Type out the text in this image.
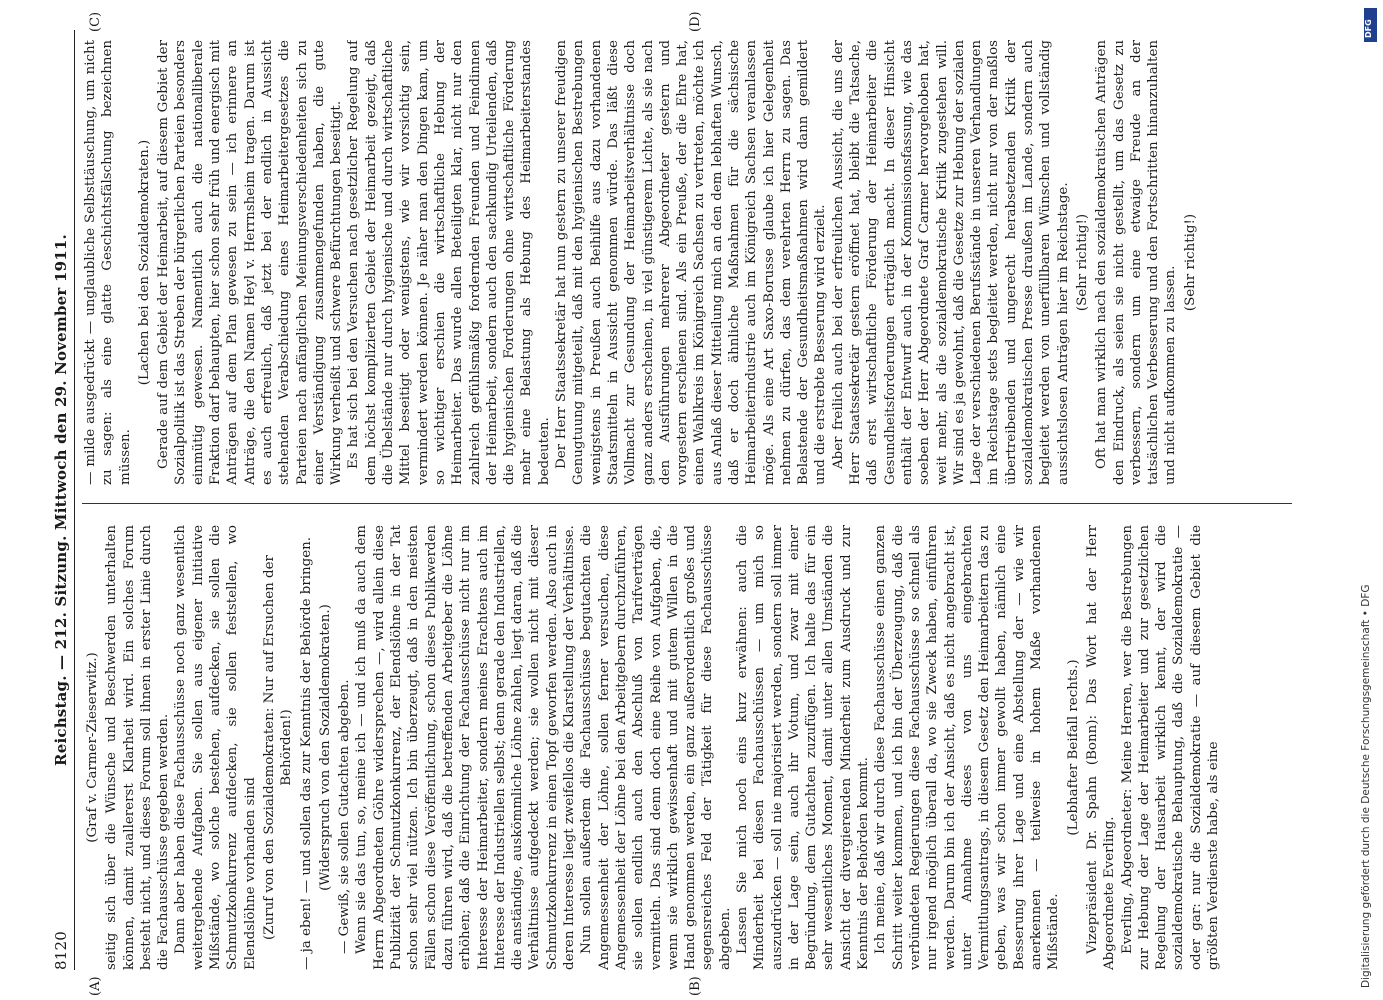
8120
Reichstag. — 212. Sitzung. Mittwoch den 29. November 1911.
(A)	(B)
(C)	(D)

(Graf v. Carmer-Zieserwitz.) seitig sich über die Wünsche und Beschwerden unterhalten können, damit zuallererst Klarheit wird. Ein solches Forum besteht nicht, und dieses Forum soll ihnen in erster Linie durch die Fachausschüsse gegeben werden. Dann aber haben diese Fachausschüsse noch ganz wesentlich weitergehende Aufgaben. Sie sollen aus eigener Initiative Mißstände, wo solche bestehen, aufdecken, sie sollen die Schmutzkonkurrenz aufdecken, sie sollen feststellen, wo Elendslöhne vorhanden sind (Zuruf von den Sozialdemokraten: Nur auf Ersuchen der Behörden!) — ja eben! — und sollen das zur Kenntnis der Behörde bringen. (Widerspruch von den Sozialdemokraten.) — Gewiß, sie sollen Gutachten abgeben. Wenn sie das tun, so, meine ich — und ich muß da auch dem Herrn Abgeordneten Göhre widersprechen —, wird allein diese Publizität der Schmutzkonkurrenz, der Elendslöhne in der Tat schon sehr viel nützen. Ich bin überzeugt, daß in den meisten Fällen schon diese Veröffentlichung, schon dieses Publikwerden dazu führen wird, daß die betreffenden Arbeitgeber die Löhne erhöhen; daß die Einrichtung der Fachausschüsse nicht nur im Interesse der Heimarbeiter, sondern meines Erachtens auch im Interesse der Industriellen selbst; denn gerade den Industriellen, die anständige, auskömmliche Löhne zahlen, liegt daran, daß die Verhältnisse aufgedeckt werden; sie wollen nicht mit dieser Schmutzkonkurrenz in einen Topf geworfen werden. Also auch in deren Interesse liegt zweifellos die Klarstellung der Verhältnisse. Nun sollen außerdem die Fachausschüsse begutachten die Angemessenheit der Löhne, sollen ferner versuchen, diese Angemessenheit der Löhne bei den Arbeitgebern durchzuführen, sie sollen endlich auch den Abschluß von Tarifverträgen vermitteln. Das sind denn doch eine Reihe von Aufgaben, die, wenn sie wirklich gewissenhaft und mit gutem Willen in die Hand genommen werden, ein ganz außerordentlich großes und segensreiches Feld der Tätigkeit für diese Fachausschüsse abgeben. Lassen Sie mich noch eins kurz erwähnen: auch die Minderheit bei diesen Fachausschüssen — um mich so auszudrücken — soll nie majorisiert werden, sondern soll immer in der Lage sein, auch ihr Votum, und zwar mit einer Begründung, dem Gutachten zuzufügen. Ich halte das für ein sehr wesentliches Moment, damit unter allen Umständen die Ansicht der divergierenden Minderheit zum Ausdruck und zur Kenntnis der Behörden kommt. Ich meine, daß wir durch diese Fachausschüsse einen ganzen Schritt weiter kommen, und ich bin der Überzeugung, daß die verbündeten Regierungen diese Fachausschüsse so schnell als nur irgend möglich überall da, wo sie Zweck haben, einführen werden. Darum bin ich der Ansicht, daß es nicht angebracht ist, unter Annahme dieses von uns eingebrachten Vermittlungsantrags, in diesem Gesetz den Heimarbeitern das zu geben, was wir schon immer gewollt haben, nämlich eine Besserung ihrer Lage und eine Abstellung der — wie wir anerkennen — teilweise in hohem Maße vorhandenen Mißstände.

(Lebhafter Beifall rechts.) Vizepräsident Dr. Spahn (Bonn): Das Wort hat der Herr Abgeordnete Everling. Everling, Abgeordneter: Meine Herren, wer die Bestrebungen zur Hebung der Lage der Heimarbeiter und zur gesetzlichen Regelung der Hausarbeit wirklich kennt, der wird die sozialdemokratische Behauptung, daß die Sozialdemokratie — oder gar: nur die Sozialdemokratie — auf diesem Gebiet die größten Verdienste habe, als eine

— milde ausgedrückt — unglaubliche Selbsttäuschung, um nicht zu sagen: als eine glatte Geschichtsfälschung bezeichnen müssen.

(Lachen bei den Sozialdemokraten.) Gerade auf dem Gebiet der Heimarbeit, auf diesem Gebiet der Sozialpolitik ist das Streben der bürgerlichen Parteien besonders einmütig gewesen. Namentlich auch die nationalliberale Fraktion darf behaupten, hier schon sehr früh und energisch mit Anträgen auf dem Plan gewesen zu sein — ich erinnere an Anträge, die den Namen Heyl v. Herrnsheim tragen. Darum ist es auch erfreulich, daß jetzt bei der endlich in Aussicht stehenden Verabschiedung eines Heimarbeitergesetzes die Parteien nach anfänglichen Meinungsverschiedenheiten sich zu einer Verständigung zusammengefunden haben, die gute Wirkung verheißt und schwere Befürchtungen beseitigt. Es hat sich bei den Versuchen nach gesetzlicher Regelung auf dem höchst komplizierten Gebiet der Heimarbeit gezeigt, daß die Übelstände nur durch hygienische und durch wirtschaftliche Mittel beseitigt oder wenigstens, wie wir vorsichtig sein, vermindert werden können. Je näher man den Dingen kam, um so wichtiger erschien die wirtschaftliche Hebung der Heimarbeiter. Das wurde allen Beteiligten klar, nicht nur den zahlreich gefühlsmäßig fordernden Freunden und Feindinnen der Heimarbeit, sondern auch den sachkundig Urteilenden, daß die hygienischen Forderungen ohne wirtschaftliche Förderung mehr eine Belastung als Hebung des Heimarbeiterstandes bedeuten. Der Herr Staatssekretär hat nun gestern zu unserer freudigen Genugtuung mitgeteilt, daß mit den hygienischen Bestrebungen wenigstens in Preußen auch Beihilfe aus dazu vorhandenen Staatsmitteln in Aussicht genommen würde. Das läßt diese Vollmacht zur Gesundung der Heimarbeitsverhältnisse doch ganz anders erscheinen, in viel günstigerem Lichte, als sie nach den Ausführungen mehrerer Abgeordneter gestern und vorgestern erschienen sind. Als ein Preuße, der die Ehre hat, einen Wahlkreis im Königreich Sachsen zu vertreten, möchte ich aus Anlaß dieser Mitteilung mich an den dem lebhaften Wunsch, daß er doch ähnliche Maßnahmen für die sächsische Heimarbeiterindustrie auch im Königreich Sachsen veranlassen möge. Als eine Art Saxo-Borusse glaube ich hier Gelegenheit nehmen zu dürfen, das dem verehrten Herrn zu sagen. Das Belastende der Gesundheitsmaßnahmen wird dann gemildert und die erstrebte Besserung wird erzielt. Aber freilich auch bei der erfreulichen Aussicht, die uns der Herr Staatssekretär gestern eröffnet hat, bleibt die Tatsache, daß erst wirtschaftliche Förderung der Heimarbeiter die Gesundheitsforderungen erträglich macht. In dieser Hinsicht enthält der Entwurf auch in der Kommissionsfassung, wie das soeben der Herr Abgeordnete Graf Carmer hervorgehoben hat, weit mehr, als die sozialdemokratische Kritik zugestehen will. Wir sind es ja gewohnt, daß die Gesetze zur Hebung der sozialen Lage der verschiedenen Berufsstände in unseren Verhandlungen im Reichstage stets begleitet werden, nicht nur von der maßlos übertreibenden und ungerecht herabsetzenden Kritik der sozialdemokratischen Presse draußen im Lande, sondern auch begleitet werden von unerfüllbaren Wünschen und vollständig aussichtslosen Anträgen hier im Reichstage. (Sehr richtig!) Oft hat man wirklich nach den sozialdemokratischen Anträgen den Eindruck, als seien sie nicht gestellt, um das Gesetz zu verbessern, sondern um eine etwaige Freude an der tatsächlichen Verbesserung und den Fortschritten hinanzuhalten und nicht aufkommen zu lassen.

(Sehr richtig!)

Digitalisierung gefördert durch die Deutsche Forschungsgemeinschaft • DFG
DFG
